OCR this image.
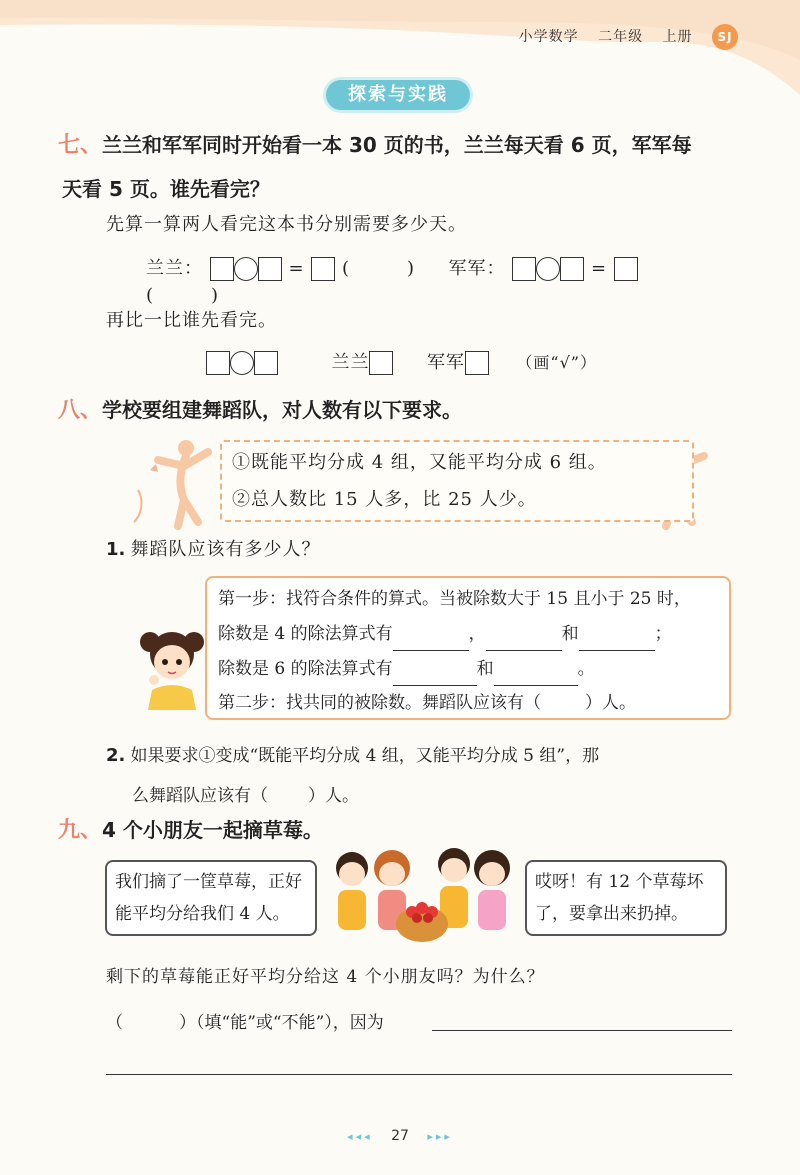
小学数学 二年级 上册 SJ
探索与实践
七、兰兰和军军同时开始看一本 30 页的书，兰兰每天看 6 页，军军每
天看 5 页。谁先看完？
先算一算两人看完这本书分别需要多少天。
兰兰：	= (　　　) 军军：	=  (　　　)
再比一比谁先看完。
兰兰	军军	（画“√”）
八、学校要组建舞蹈队，对人数有以下要求。
①既能平均分成 4 组，又能平均分成 6 组。
②总人数比 15 人多，比 25 人少。
1. 舞蹈队应该有多少人？
第一步：找符合条件的算式。当被除数大于 15 且小于 25 时，
除数是 4 的除法算式有	，	和	；
除数是 6 的除法算式有	和	。
第二步：找共同的被除数。舞蹈队应该有（	）人。
2. 如果要求①变成“既能平均分成 4 组，又能平均分成 5 组”，那
么舞蹈队应该有（ ）人。
九、4 个小朋友一起摘草莓。
我们摘了一筐草莓，正好能平均分给我们 4 人。
哎呀！有 12 个草莓坏了，要拿出来扔掉。
剩下的草莓能正好平均分给这 4 个小朋友吗？为什么？
（	）（填“能”或“不能”），因为
◂◂◂ 27 ▸▸▸
